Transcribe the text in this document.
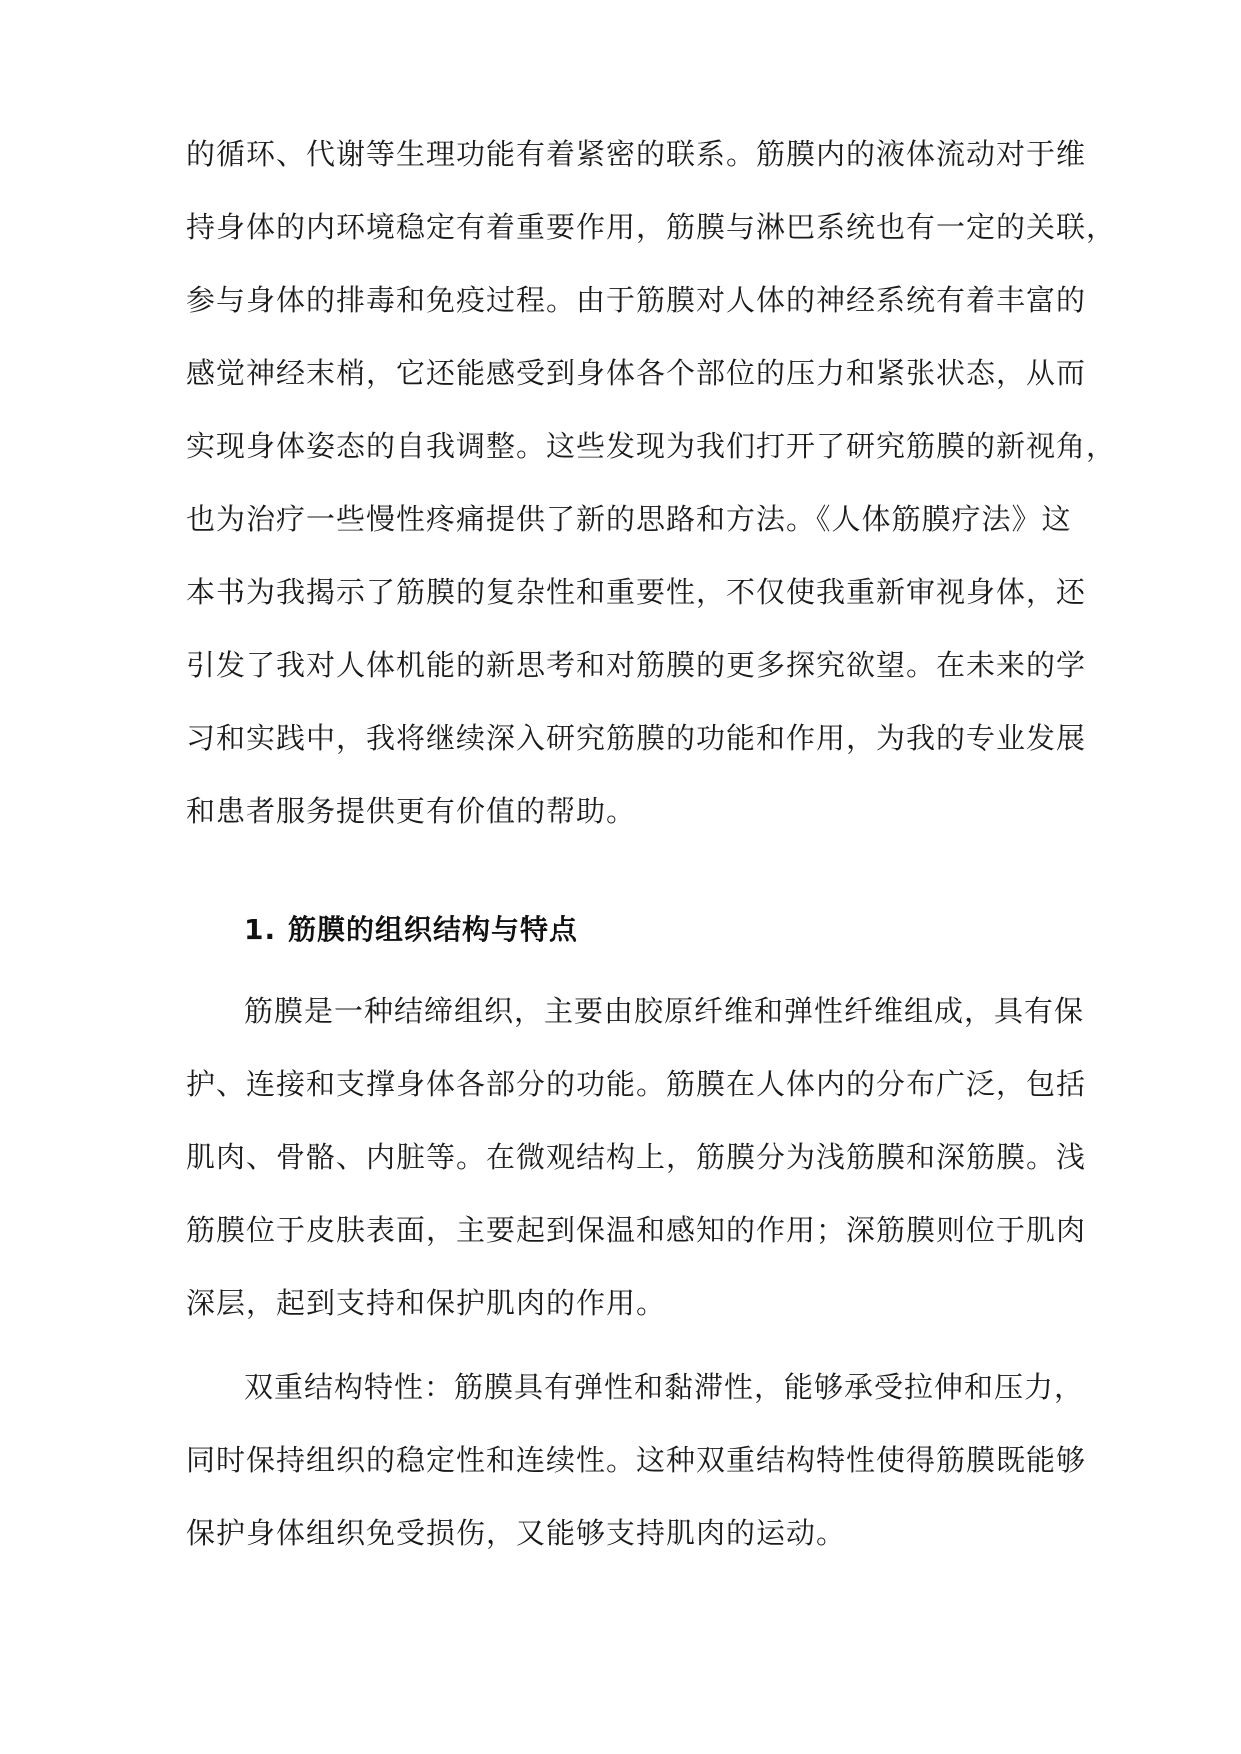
的循环、代谢等生理功能有着紧密的联系。筋膜内的液体流动对于维
持身体的内环境稳定有着重要作用，筋膜与淋巴系统也有一定的关联，
参与身体的排毒和免疫过程。由于筋膜对人体的神经系统有着丰富的
感觉神经末梢，它还能感受到身体各个部位的压力和紧张状态，从而
实现身体姿态的自我调整。这些发现为我们打开了研究筋膜的新视角，
也为治疗一些慢性疼痛提供了新的思路和方法。《人体筋膜疗法》这
本书为我揭示了筋膜的复杂性和重要性，不仅使我重新审视身体，还
引发了我对人体机能的新思考和对筋膜的更多探究欲望。在未来的学
习和实践中，我将继续深入研究筋膜的功能和作用，为我的专业发展
和患者服务提供更有价值的帮助。
1. 筋膜的组织结构与特点
筋膜是一种结缔组织，主要由胶原纤维和弹性纤维组成，具有保
护、连接和支撑身体各部分的功能。筋膜在人体内的分布广泛，包括
肌肉、骨骼、内脏等。在微观结构上，筋膜分为浅筋膜和深筋膜。浅
筋膜位于皮肤表面，主要起到保温和感知的作用；深筋膜则位于肌肉
深层，起到支持和保护肌肉的作用。
双重结构特性：筋膜具有弹性和黏滞性，能够承受拉伸和压力，
同时保持组织的稳定性和连续性。这种双重结构特性使得筋膜既能够
保护身体组织免受损伤，又能够支持肌肉的运动。
